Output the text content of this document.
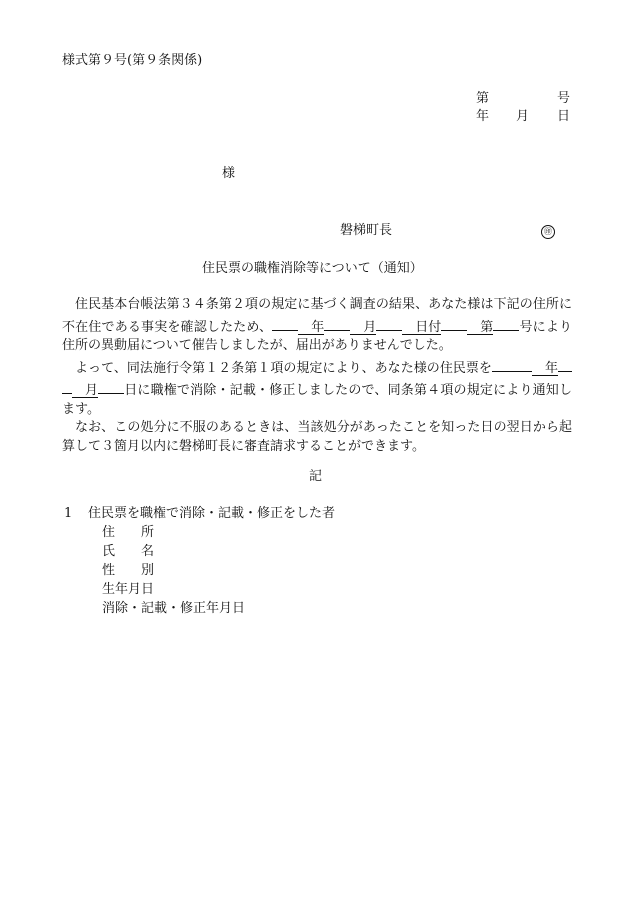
様式第９号(第９条関係)
第	号
年 月 日
様
磐梯町長	㊞
住民票の職権消除等について（通知）

住民基本台帳法第３４条第２項の規定に基づく調査の結果、あなた様は下記の住所に不在住である事実を確認したため、	年	月	日付	第 号により住所の異動届について催告しましたが、届出がありませんでした。

よって、同法施行令第１２条第１項の規定により、あなた様の住民票を	年月 日に職権で消除・記載・修正しましたので、同条第４項の規定により通知します。

なお、この処分に不服のあるときは、当該処分があったことを知った日の翌日から起算して３箇月以内に磐梯町長に審査請求することができます。

記
1 住民票を職権で消除・記載・修正をした者
住　　所
氏　　名
性　　別
生年月日
消除・記載・修正年月日
